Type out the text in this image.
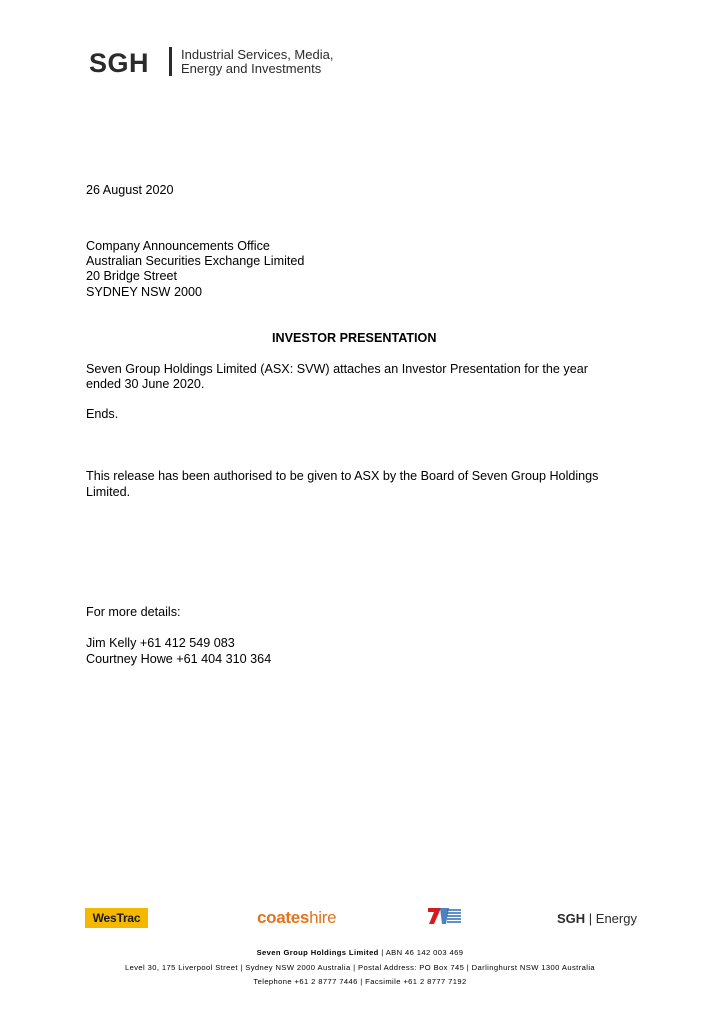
SGH Industrial Services, Media,
Energy and Investments
26 August 2020
Company Announcements Office
Australian Securities Exchange Limited
20 Bridge Street
SYDNEY NSW 2000
INVESTOR PRESENTATION
Seven Group Holdings Limited (ASX: SVW) attaches an Investor Presentation for the year
ended 30 June 2020.
Ends.
This release has been authorised to be given to ASX by the Board of Seven Group Holdings
Limited.
For more details:
Jim Kelly +61 412 549 083
Courtney Howe +61 404 310 364
WesTrac	coateshire	SGH | Energy
Seven Group Holdings Limited | ABN 46 142 003 469
Level 30, 175 Liverpool Street | Sydney NSW 2000 Australia | Postal Address: PO Box 745 | Darlinghurst NSW 1300 Australia
Telephone +61 2 8777 7446 | Facsimile +61 2 8777 7192
